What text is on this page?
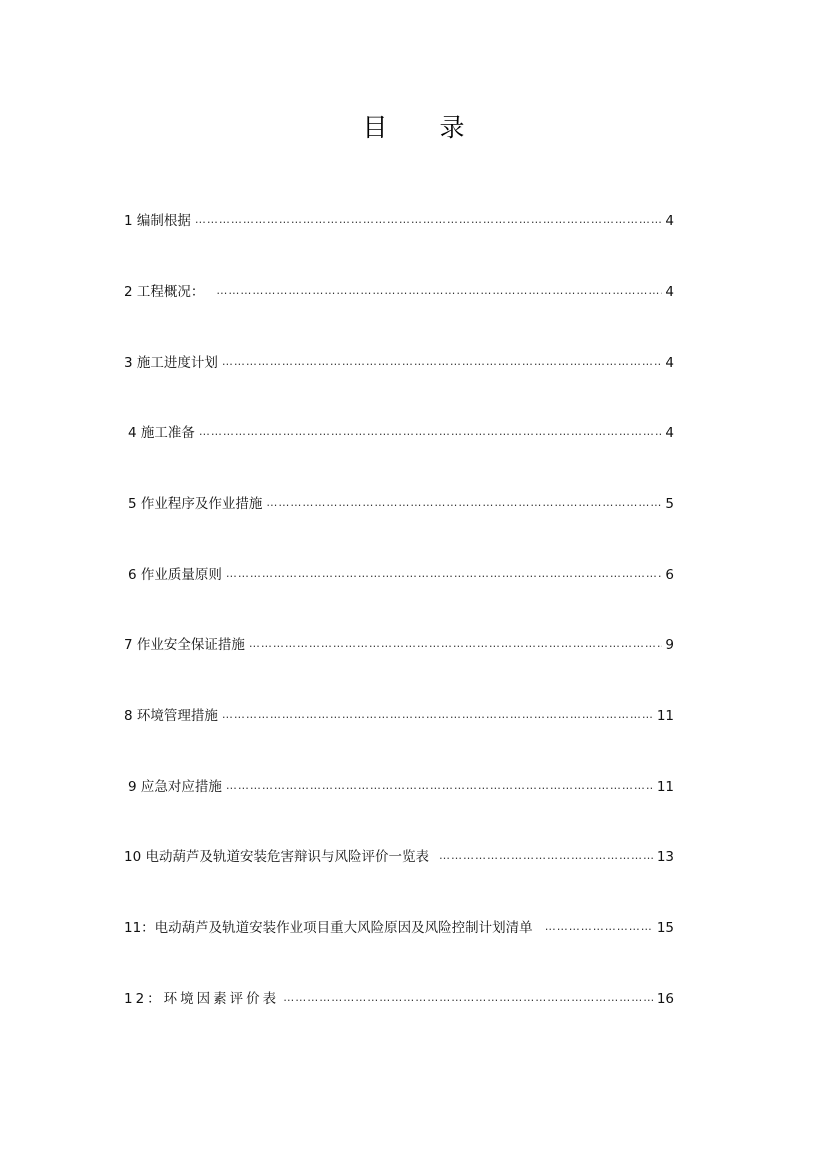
目 录
1 编制根据 …………………………………………………………………………………………………………………………………………………………………………………………………………………………	4
2 工程概况： …………………………………………………………………………………………………………………………………………………………………………………………………………………………	4
3 施工进度计划 …………………………………………………………………………………………………………………………………………………………………………………………………………………………	4
4 施工准备 …………………………………………………………………………………………………………………………………………………………………………………………………………………………	4
5 作业程序及作业措施 …………………………………………………………………………………………………………………………………………………………………………………………………………………………	5
6 作业质量原则 …………………………………………………………………………………………………………………………………………………………………………………………………………………………	6
7 作业安全保证措施 …………………………………………………………………………………………………………………………………………………………………………………………………………………………	9
8 环境管理措施 …………………………………………………………………………………………………………………………………………………………………………………………………………………………	11
9 应急对应措施 …………………………………………………………………………………………………………………………………………………………………………………………………………………………	11
10 电动葫芦及轨道安装危害辩识与风险评价一览表 …………………………………………………………………………………………………………………………………………………………………………………………………………………………	13
11：电动葫芦及轨道安装作业项目重大风险原因及风险控制计划清单 …………………………………………………………………………………………………………………………………………………………………………………………………………………………	15
12：环境因素评价表 …………………………………………………………………………………………………………………………………………………………………………………………………………………………	16
